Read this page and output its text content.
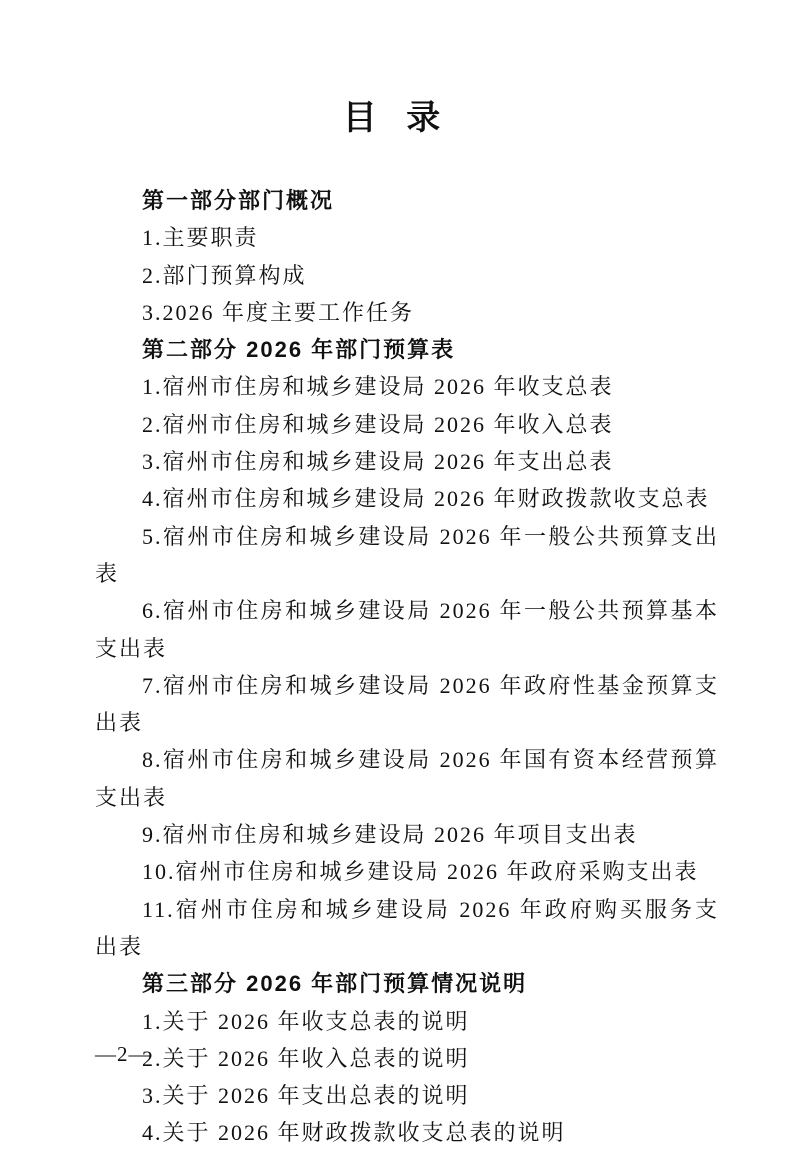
目 录

第一部分部门概况

1.主要职责

2.部门预算构成

3.2026 年度主要工作任务

第二部分 2026 年部门预算表

1.宿州市住房和城乡建设局 2026 年收支总表

2.宿州市住房和城乡建设局 2026 年收入总表

3.宿州市住房和城乡建设局 2026 年支出总表

4.宿州市住房和城乡建设局 2026 年财政拨款收支总表

5.宿州市住房和城乡建设局 2026 年一般公共预算支出表

6.宿州市住房和城乡建设局 2026 年一般公共预算基本支出表

7.宿州市住房和城乡建设局 2026 年政府性基金预算支出表

8.宿州市住房和城乡建设局 2026 年国有资本经营预算支出表

9.宿州市住房和城乡建设局 2026 年项目支出表

10.宿州市住房和城乡建设局 2026 年政府采购支出表

11.宿州市住房和城乡建设局 2026 年政府购买服务支出表

第三部分 2026 年部门预算情况说明

1.关于 2026 年收支总表的说明

2.关于 2026 年收入总表的说明

3.关于 2026 年支出总表的说明

4.关于 2026 年财政拨款收支总表的说明

—2—
